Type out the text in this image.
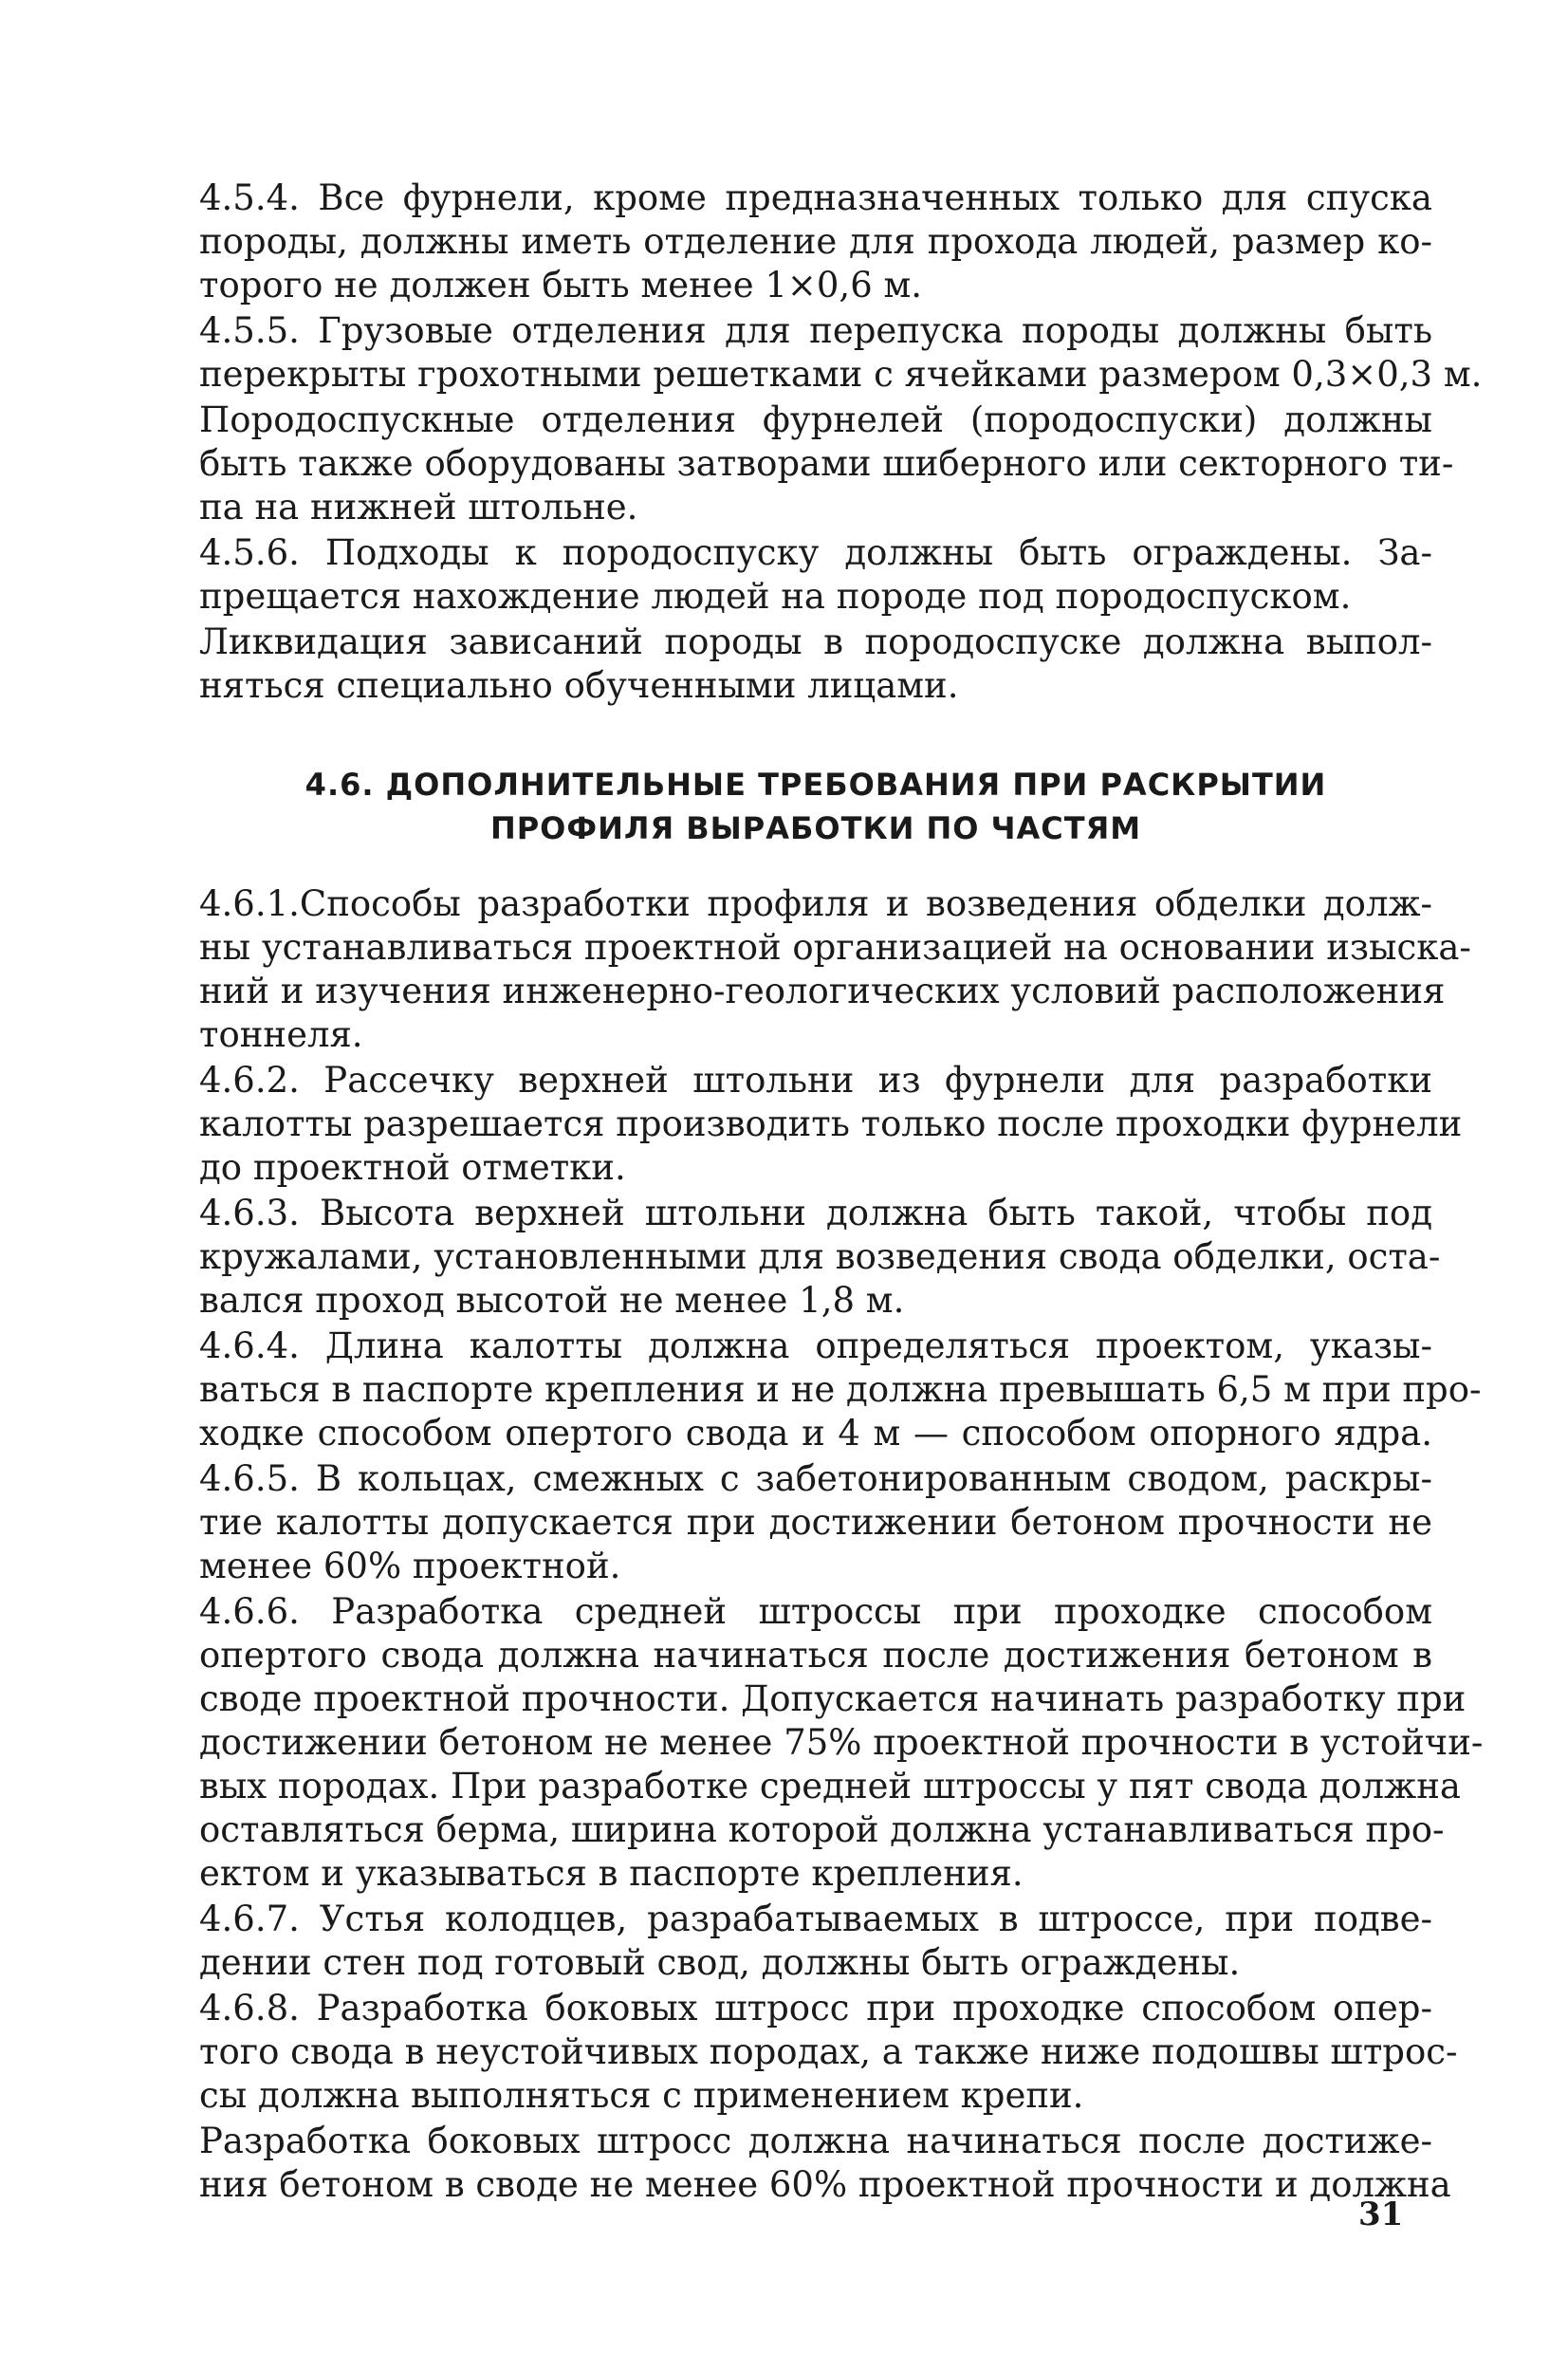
4.5.4. Все фурнели, кроме предназначенных только для спуска
породы, должны иметь отделение для прохода людей, размер ко-
торого не должен быть менее 1×0,6 м.
4.5.5. Грузовые отделения для перепуска породы должны быть
перекрыты грохотными решетками с ячейками размером 0,3×0,3 м.
Породоспускные отделения фурнелей (породоспуски) должны
быть также оборудованы затворами шиберного или секторного ти-
па на нижней штольне.
4.5.6. Подходы к породоспуску должны быть ограждены. За-
прещается нахождение людей на породе под породоспуском.
Ликвидация зависаний породы в породоспуске должна выпол-
няться специально обученными лицами.
4.6. ДОПОЛНИТЕЛЬНЫЕ ТРЕБОВАНИЯ ПРИ РАСКРЫТИИ
ПРОФИЛЯ ВЫРАБОТКИ ПО ЧАСТЯМ
4.6.1.Способы разработки профиля и возведения обделки долж-
ны устанавливаться проектной организацией на основании изыска-
ний и изучения инженерно-геологических условий расположения
тоннеля.
4.6.2. Рассечку верхней штольни из фурнели для разработки
калотты разрешается производить только после проходки фурнели
до проектной отметки.
4.6.3. Высота верхней штольни должна быть такой, чтобы под
кружалами, установленными для возведения свода обделки, оста-
вался проход высотой не менее 1,8 м.
4.6.4. Длина калотты должна определяться проектом, указы-
ваться в паспорте крепления и не должна превышать 6,5 м при про-
ходке способом опертого свода и 4 м — способом опорного ядра.
4.6.5. В кольцах, смежных с забетонированным сводом, раскры-
тие калотты допускается при достижении бетоном прочности не
менее 60% проектной.
4.6.6. Разработка средней штроссы при проходке способом
опертого свода должна начинаться после достижения бетоном в
своде проектной прочности. Допускается начинать разработку при
достижении бетоном не менее 75% проектной прочности в устойчи-
вых породах. При разработке средней штроссы у пят свода должна
оставляться берма, ширина которой должна устанавливаться про-
ектом и указываться в паспорте крепления.
4.6.7. Устья колодцев, разрабатываемых в штроссе, при подве-
дении стен под готовый свод, должны быть ограждены.
4.6.8. Разработка боковых штросс при проходке способом опер-
того свода в неустойчивых породах, а также ниже подошвы штрос-
сы должна выполняться с применением крепи.
Разработка боковых штросс должна начинаться после достиже-
ния бетоном в своде не менее 60% проектной прочности и должна
31
